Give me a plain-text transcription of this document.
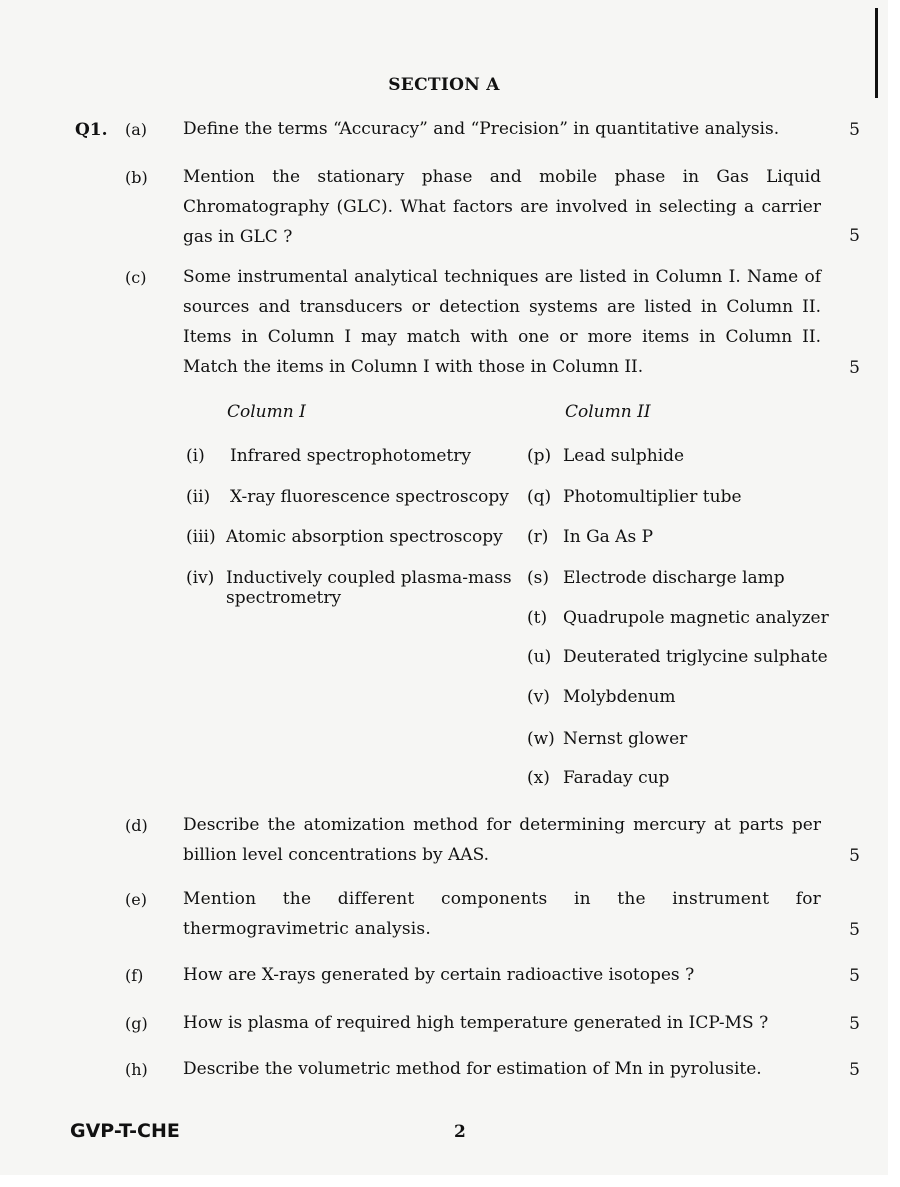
SECTION A
Q1. (a)	Define the terms “Accuracy” and “Precision” in quantitative analysis.	5
(b)	Mention the stationary phase and mobile phase in Gas Liquid Chromatography (GLC). What factors are involved in selecting a carrier gas in GLC ?	5
(c)	Some instrumental analytical techniques are listed in Column I. Name of sources and transducers or detection systems are listed in Column II. Items in Column I may match with one or more items in Column II. Match the items in Column I with those in Column II.	5
Column I	Column II
(i) Infrared spectrophotometry
(ii) X-ray fluorescence spectroscopy
(iii) Atomic absorption spectroscopy
(iv) Inductively coupled plasma-mass spectrometry
(p) Lead sulphide
(q) Photomultiplier tube
(r) In Ga As P
(s) Electrode discharge lamp
(t) Quadrupole magnetic analyzer
(u) Deuterated triglycine sulphate
(v) Molybdenum
(w) Nernst glower
(x) Faraday cup
(d)	Describe the atomization method for determining mercury at parts per billion level concentrations by AAS.	5
(e)	Mention the different components in the instrument for thermogravimetric analysis.	5
(f)	How are X-rays generated by certain radioactive isotopes ?	5
(g)	How is plasma of required high temperature generated in ICP-MS ?	5
(h)	Describe the volumetric method for estimation of Mn in pyrolusite.	5
GVP-T-CHE	2
